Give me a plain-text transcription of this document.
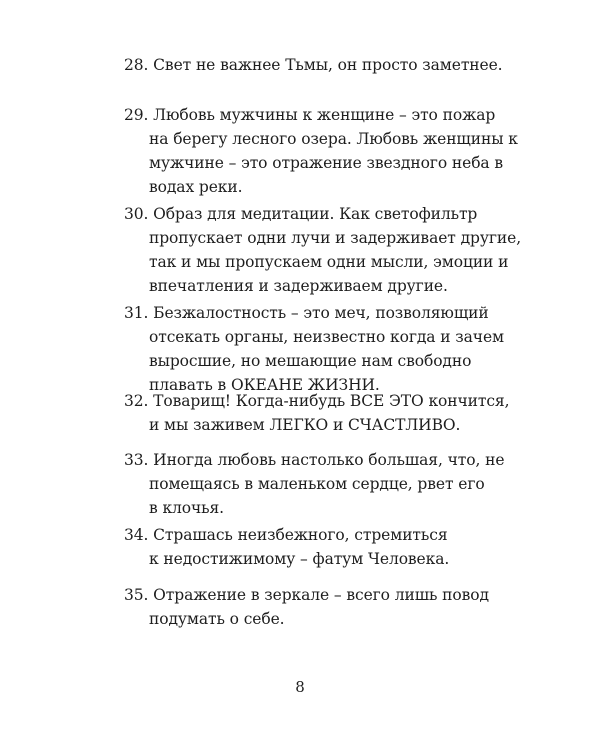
28. Свет не важнее Тьмы, он просто заметнее.
29. Любовь мужчины к женщине – это пожар
на берегу лесного озера. Любовь женщины к
мужчине – это отражение звездного неба в
водах реки.
30. Образ для медитации. Как светофильтр
пропускает одни лучи и задерживает другие,
так и мы пропускаем одни мысли, эмоции и
впечатления и задерживаем другие.
31. Безжалостность – это меч, позволяющий
отсекать органы, неизвестно когда и зачем
выросшие, но мешающие нам свободно
плавать в ОКЕАНЕ ЖИЗНИ.
32. Товарищ! Когда-нибудь ВСЕ ЭТО кончится,
и мы заживем ЛЕГКО и СЧАСТЛИВО.
33. Иногда любовь настолько большая, что, не
помещаясь в маленьком сердце, рвет его
в клочья.
34. Страшась неизбежного, стремиться
к недостижимому – фатум Человека.
35. Отражение в зеркале – всего лишь повод
подумать о себе.
8
